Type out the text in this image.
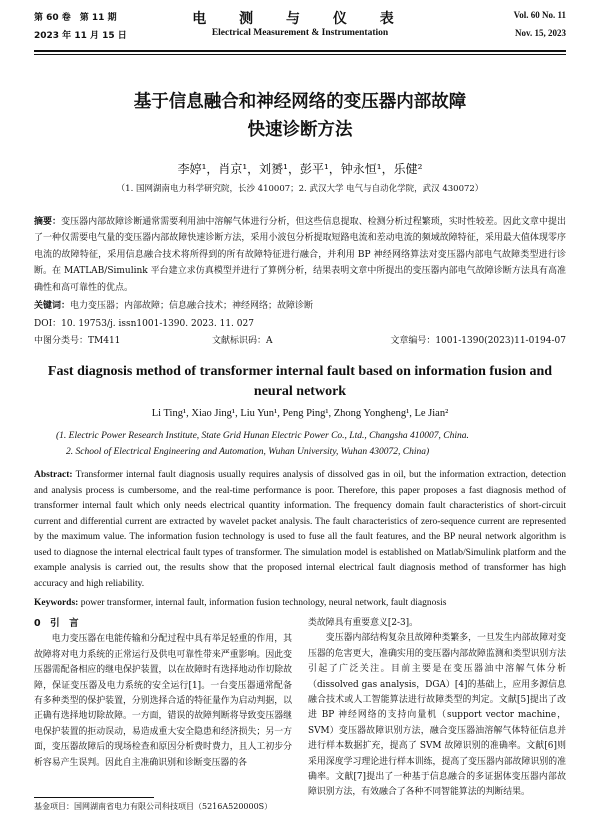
第 60 卷　第 11 期
2023 年 11 月 15 日
电 测 与 仪 表
Electrical Measurement & Instrumentation
Vol. 60 No. 11
Nov. 15, 2023
基于信息融合和神经网络的变压器内部故障
快速诊断方法
李婷¹，肖京¹，刘赟¹，彭平¹，钟永恒¹，乐健²
（1. 国网湖南电力科学研究院，长沙 410007；2. 武汉大学 电气与自动化学院，武汉 430072）
摘要：变压器内部故障诊断通常需要利用油中溶解气体进行分析，但这些信息提取、检测分析过程繁琐，实时性较差。因此文章中提出了一种仅需要电气量的变压器内部故障快速诊断方法，采用小波包分析提取短路电流和差动电流的频域故障特征，采用最大值体现零序电流的故障特征，采用信息融合技术将所得到的所有故障特征进行融合，并利用 BP 神经网络算法对变压器内部电气故障类型进行诊断。在 MATLAB/Simulink 平台建立求仿真模型并进行了算例分析，结果表明文章中所提出的变压器内部电气故障诊断方法具有高准确性和高可靠性的优点。
关键词：电力变压器；内部故障；信息融合技术；神经网络；故障诊断
DOI：10. 19753/j. issn1001-1390. 2023. 11. 027
中图分类号：TM411	文献标识码：A	文章编号：1001-1390(2023)11-0194-07
Fast diagnosis method of transformer internal fault based on information fusion and neural network
Li Ting¹, Xiao Jing¹, Liu Yun¹, Peng Ping¹, Zhong Yongheng¹, Le Jian²
(1. Electric Power Research Institute, State Grid Hunan Electric Power Co., Ltd., Changsha 410007, China.
2. School of Electrical Engineering and Automation, Wuhan University, Wuhan 430072, China)
Abstract: Transformer internal fault diagnosis usually requires analysis of dissolved gas in oil, but the information extraction, detection and analysis process is cumbersome, and the real-time performance is poor. Therefore, this paper proposes a fast diagnosis method of transformer internal fault which only needs electrical quantity information. The frequency domain fault characteristics of short-circuit current and differential current are extracted by wavelet packet analysis. The fault characteristics of zero-sequence current are represented by the maximum value. The information fusion technology is used to fuse all the fault features, and the BP neural network algorithm is used to diagnose the internal electrical fault types of transformer. The simulation model is established on Matlab/Simulink platform and the example analysis is carried out, the results show that the proposed internal electrical fault diagnosis method of transformer has high accuracy and high reliability.
Keywords: power transformer, internal fault, information fusion technology, neural network, fault diagnosis
0　引　言

电力变压器在电能传输和分配过程中具有举足轻重的作用，其故障将对电力系统的正常运行及供电可靠性带来严重影响。因此变压器需配备相应的继电保护装置，以在故障时有选择地动作切除故障，保证变压器及电力系统的安全运行[1]。一台变压器通常配备有多种类型的保护装置，分别选择合适的特征量作为启动判据，以正确有选择地切除故障。一方面，错误的故障判断将导致变压器继电保护装置的拒动误动，易造成重大安全隐患和经济损失；另一方面，变压器故障后的现场检查和原因分析费时费力，且人工初步分析容易产生误判。因此自主准确识别和诊断变压器的各

类故障具有重要意义[2-3]。

变压器内部结构复杂且故障种类繁多，一旦发生内部故障对变压器的危害更大，准确实用的变压器内部故障监测和类型识别方法引起了广泛关注。目前主要是在变压器油中溶解气体分析（dissolved gas analysis，DGA）[4]的基础上，应用多源信息融合技术或人工智能算法进行故障类型的判定。文献[5]提出了改进 BP 神经网络的支持向量机（support vector machine，SVM）变压器故障识别方法，融合变压器油溶解气体特征信息并进行样本数据扩充，提高了 SVM 故障识别的准确率。文献[6]则采用深度学习理论进行样本训练，提高了变压器内部故障识别的准确率。文献[7]提出了一种基于信息融合的多证据体变压器内部故障识别方法，有效融合了各种不同智能算法的判断结果。

基金项目：国网湖南省电力有限公司科技项目（5216A520000S）
